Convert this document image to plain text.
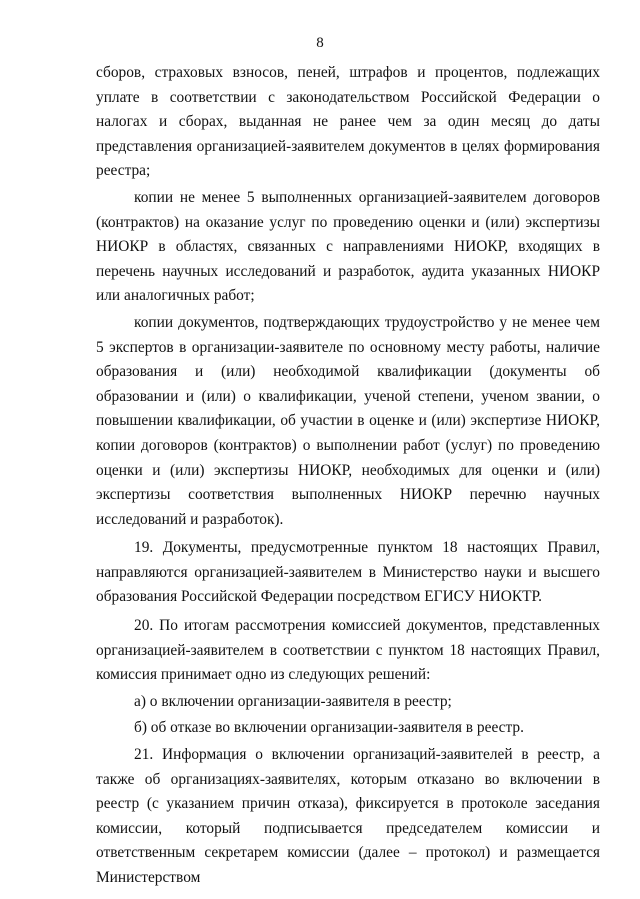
8

сборов, страховых взносов, пеней, штрафов и процентов, подлежащих уплате в соответствии с законодательством Российской Федерации о налогах и сборах, выданная не ранее чем за один месяц до даты представления организацией-заявителем документов в целях формирования реестра;

копии не менее 5 выполненных организацией-заявителем договоров (контрактов) на оказание услуг по проведению оценки и (или) экспертизы НИОКР в областях, связанных с направлениями НИОКР, входящих в перечень научных исследований и разработок, аудита указанных НИОКР или аналогичных работ;

копии документов, подтверждающих трудоустройство у не менее чем 5 экспертов в организации-заявителе по основному месту работы, наличие образования и (или) необходимой квалификации (документы об образовании и (или) о квалификации, ученой степени, ученом звании, о повышении квалификации, об участии в оценке и (или) экспертизе НИОКР, копии договоров (контрактов) о выполнении работ (услуг) по проведению оценки и (или) экспертизы НИОКР, необходимых для оценки и (или) экспертизы соответствия выполненных НИОКР перечню научных исследований и разработок).

19. Документы, предусмотренные пунктом 18 настоящих Правил, направляются организацией-заявителем в Министерство науки и высшего образования Российской Федерации посредством ЕГИСУ НИОКТР.

20. По итогам рассмотрения комиссией документов, представленных организацией-заявителем в соответствии с пунктом 18 настоящих Правил, комиссия принимает одно из следующих решений:

а) о включении организации-заявителя в реестр;

б) об отказе во включении организации-заявителя в реестр.

21. Информация о включении организаций-заявителей в реестр, а также об организациях-заявителях, которым отказано во включении в реестр (с указанием причин отказа), фиксируется в протоколе заседания комиссии, который подписывается председателем комиссии и ответственным секретарем комиссии (далее – протокол) и размещается Министерством
